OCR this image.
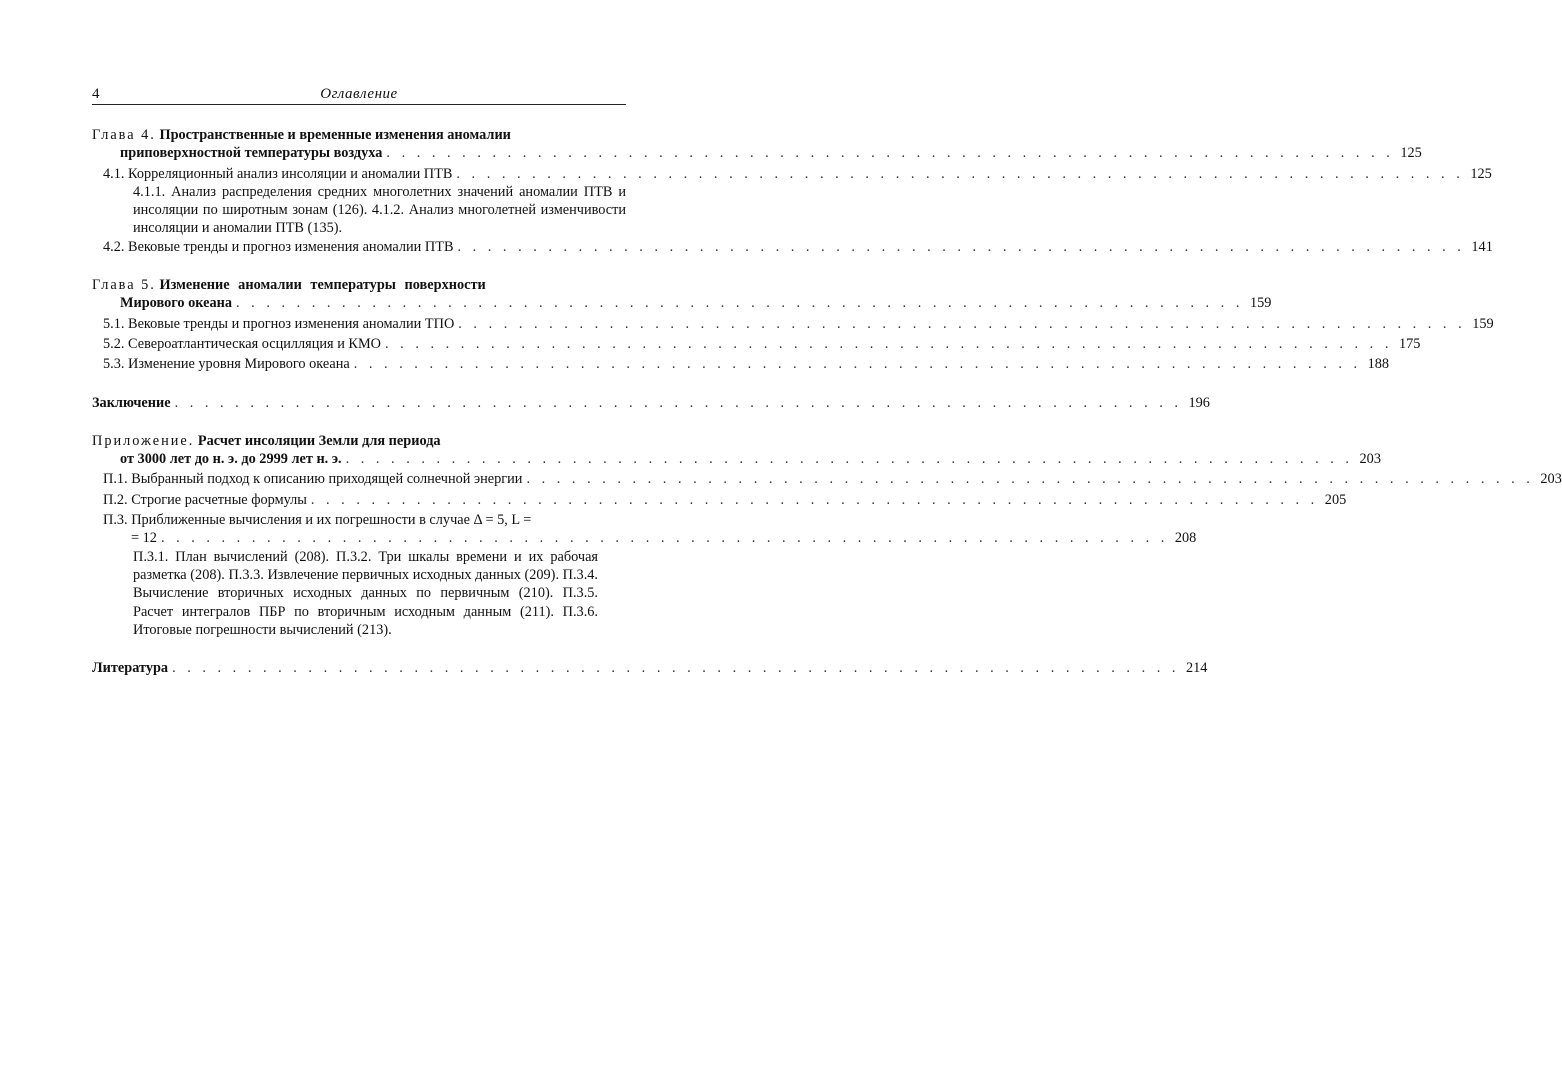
4	Оглавление
Глава 4. Пространственные и временные изменения аномалии
приповерхностной температуры воздуха . . . . . . . . . . . . . . . . . . . . . . . . . . . . . . . . . . . . . . . . . . . . . . . . . . . . . . . . . . . . . . . . . . . 125
4.1. Корреляционный анализ инсоляции и аномалии ПТВ . . . . . . . . . . . . . . . . . . . . . . . . . . . . . . . . . . . . . . . . . . . . . . . . . . . . . . . . . . . . . . . . . . . 125
4.1.1. Анализ распределения средних многолетних значений аномалии ПТВ и инсоляции по широтным зонам (126). 4.1.2. Анализ многолетней изменчивости инсоляции и аномалии ПТВ (135).
4.2. Вековые тренды и прогноз изменения аномалии ПТВ . . . . . . . . . . . . . . . . . . . . . . . . . . . . . . . . . . . . . . . . . . . . . . . . . . . . . . . . . . . . . . . . . . . 141
Глава 5. Изменение аномалии температуры поверхности
Мирового океана . . . . . . . . . . . . . . . . . . . . . . . . . . . . . . . . . . . . . . . . . . . . . . . . . . . . . . . . . . . . . . . . . . . 159
5.1. Вековые тренды и прогноз изменения аномалии ТПО . . . . . . . . . . . . . . . . . . . . . . . . . . . . . . . . . . . . . . . . . . . . . . . . . . . . . . . . . . . . . . . . . . . 159
5.2. Североатлантическая осцилляция и КМО . . . . . . . . . . . . . . . . . . . . . . . . . . . . . . . . . . . . . . . . . . . . . . . . . . . . . . . . . . . . . . . . . . . 175
5.3. Изменение уровня Мирового океана . . . . . . . . . . . . . . . . . . . . . . . . . . . . . . . . . . . . . . . . . . . . . . . . . . . . . . . . . . . . . . . . . . . 188
Заключение . . . . . . . . . . . . . . . . . . . . . . . . . . . . . . . . . . . . . . . . . . . . . . . . . . . . . . . . . . . . . . . . . . . 196
Приложение. Расчет инсоляции Земли для периода
от 3000 лет до н. э. до 2999 лет н. э. . . . . . . . . . . . . . . . . . . . . . . . . . . . . . . . . . . . . . . . . . . . . . . . . . . . . . . . . . . . . . . . . . . . 203
П.1. Выбранный подход к описанию приходящей солнечной энергии . . . . . . . . . . . . . . . . . . . . . . . . . . . . . . . . . . . . . . . . . . . . . . . . . . . . . . . . . . . . . . . . . . . 203
П.2. Строгие расчетные формулы . . . . . . . . . . . . . . . . . . . . . . . . . . . . . . . . . . . . . . . . . . . . . . . . . . . . . . . . . . . . . . . . . . . 205
П.3. Приближенные вычисления и их погрешности в случае Δ = 5, L =
= 12 . . . . . . . . . . . . . . . . . . . . . . . . . . . . . . . . . . . . . . . . . . . . . . . . . . . . . . . . . . . . . . . . . . . 208
П.3.1. План вычислений (208). П.3.2. Три шкалы времени и их рабочая разметка (208). П.3.3. Извлечение первичных исходных данных (209). П.3.4. Вычисление вторичных исходных данных по первичным (210). П.3.5. Расчет интегралов ПБР по вторичным исходным данным (211). П.3.6. Итоговые погрешности вычислений (213).
Литература . . . . . . . . . . . . . . . . . . . . . . . . . . . . . . . . . . . . . . . . . . . . . . . . . . . . . . . . . . . . . . . . . . . 214
